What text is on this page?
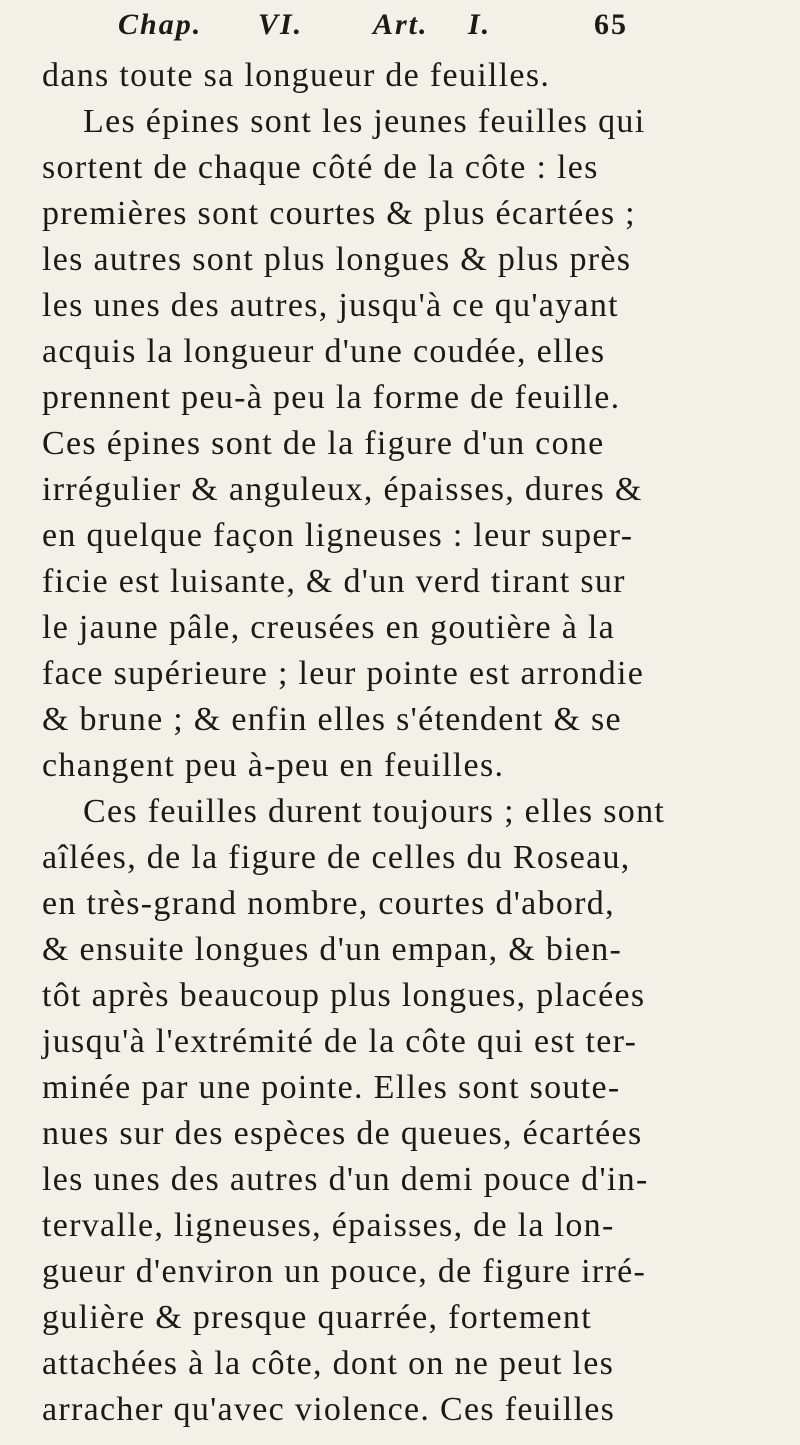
Chap. VI. Art. I.	65
dans toute sa longueur de feuilles.
Les épines sont les jeunes feuilles qui
sortent de chaque côté de la côte : les
premières sont courtes & plus écartées ;
les autres sont plus longues & plus près
les unes des autres, jusqu'à ce qu'ayant
acquis la longueur d'une coudée, elles
prennent peu-à peu la forme de feuille.
Ces épines sont de la figure d'un cone
irrégulier & anguleux, épaisses, dures &
en quelque façon ligneuses : leur super-
ficie est luisante, & d'un verd tirant sur
le jaune pâle, creusées en goutière à la
face supérieure ; leur pointe est arrondie
& brune ; & enfin elles s'étendent & se
changent peu à-peu en feuilles.
Ces feuilles durent toujours ; elles sont
aîlées, de la figure de celles du Roseau,
en très-grand nombre, courtes d'abord,
& ensuite longues d'un empan, & bien-
tôt après beaucoup plus longues, placées
jusqu'à l'extrémité de la côte qui est ter-
minée par une pointe. Elles sont soute-
nues sur des espèces de queues, écartées
les unes des autres d'un demi pouce d'in-
tervalle, ligneuses, épaisses, de la lon-
gueur d'environ un pouce, de figure irré-
gulière & presque quarrée, fortement
attachées à la côte, dont on ne peut les
arracher qu'avec violence. Ces feuilles
